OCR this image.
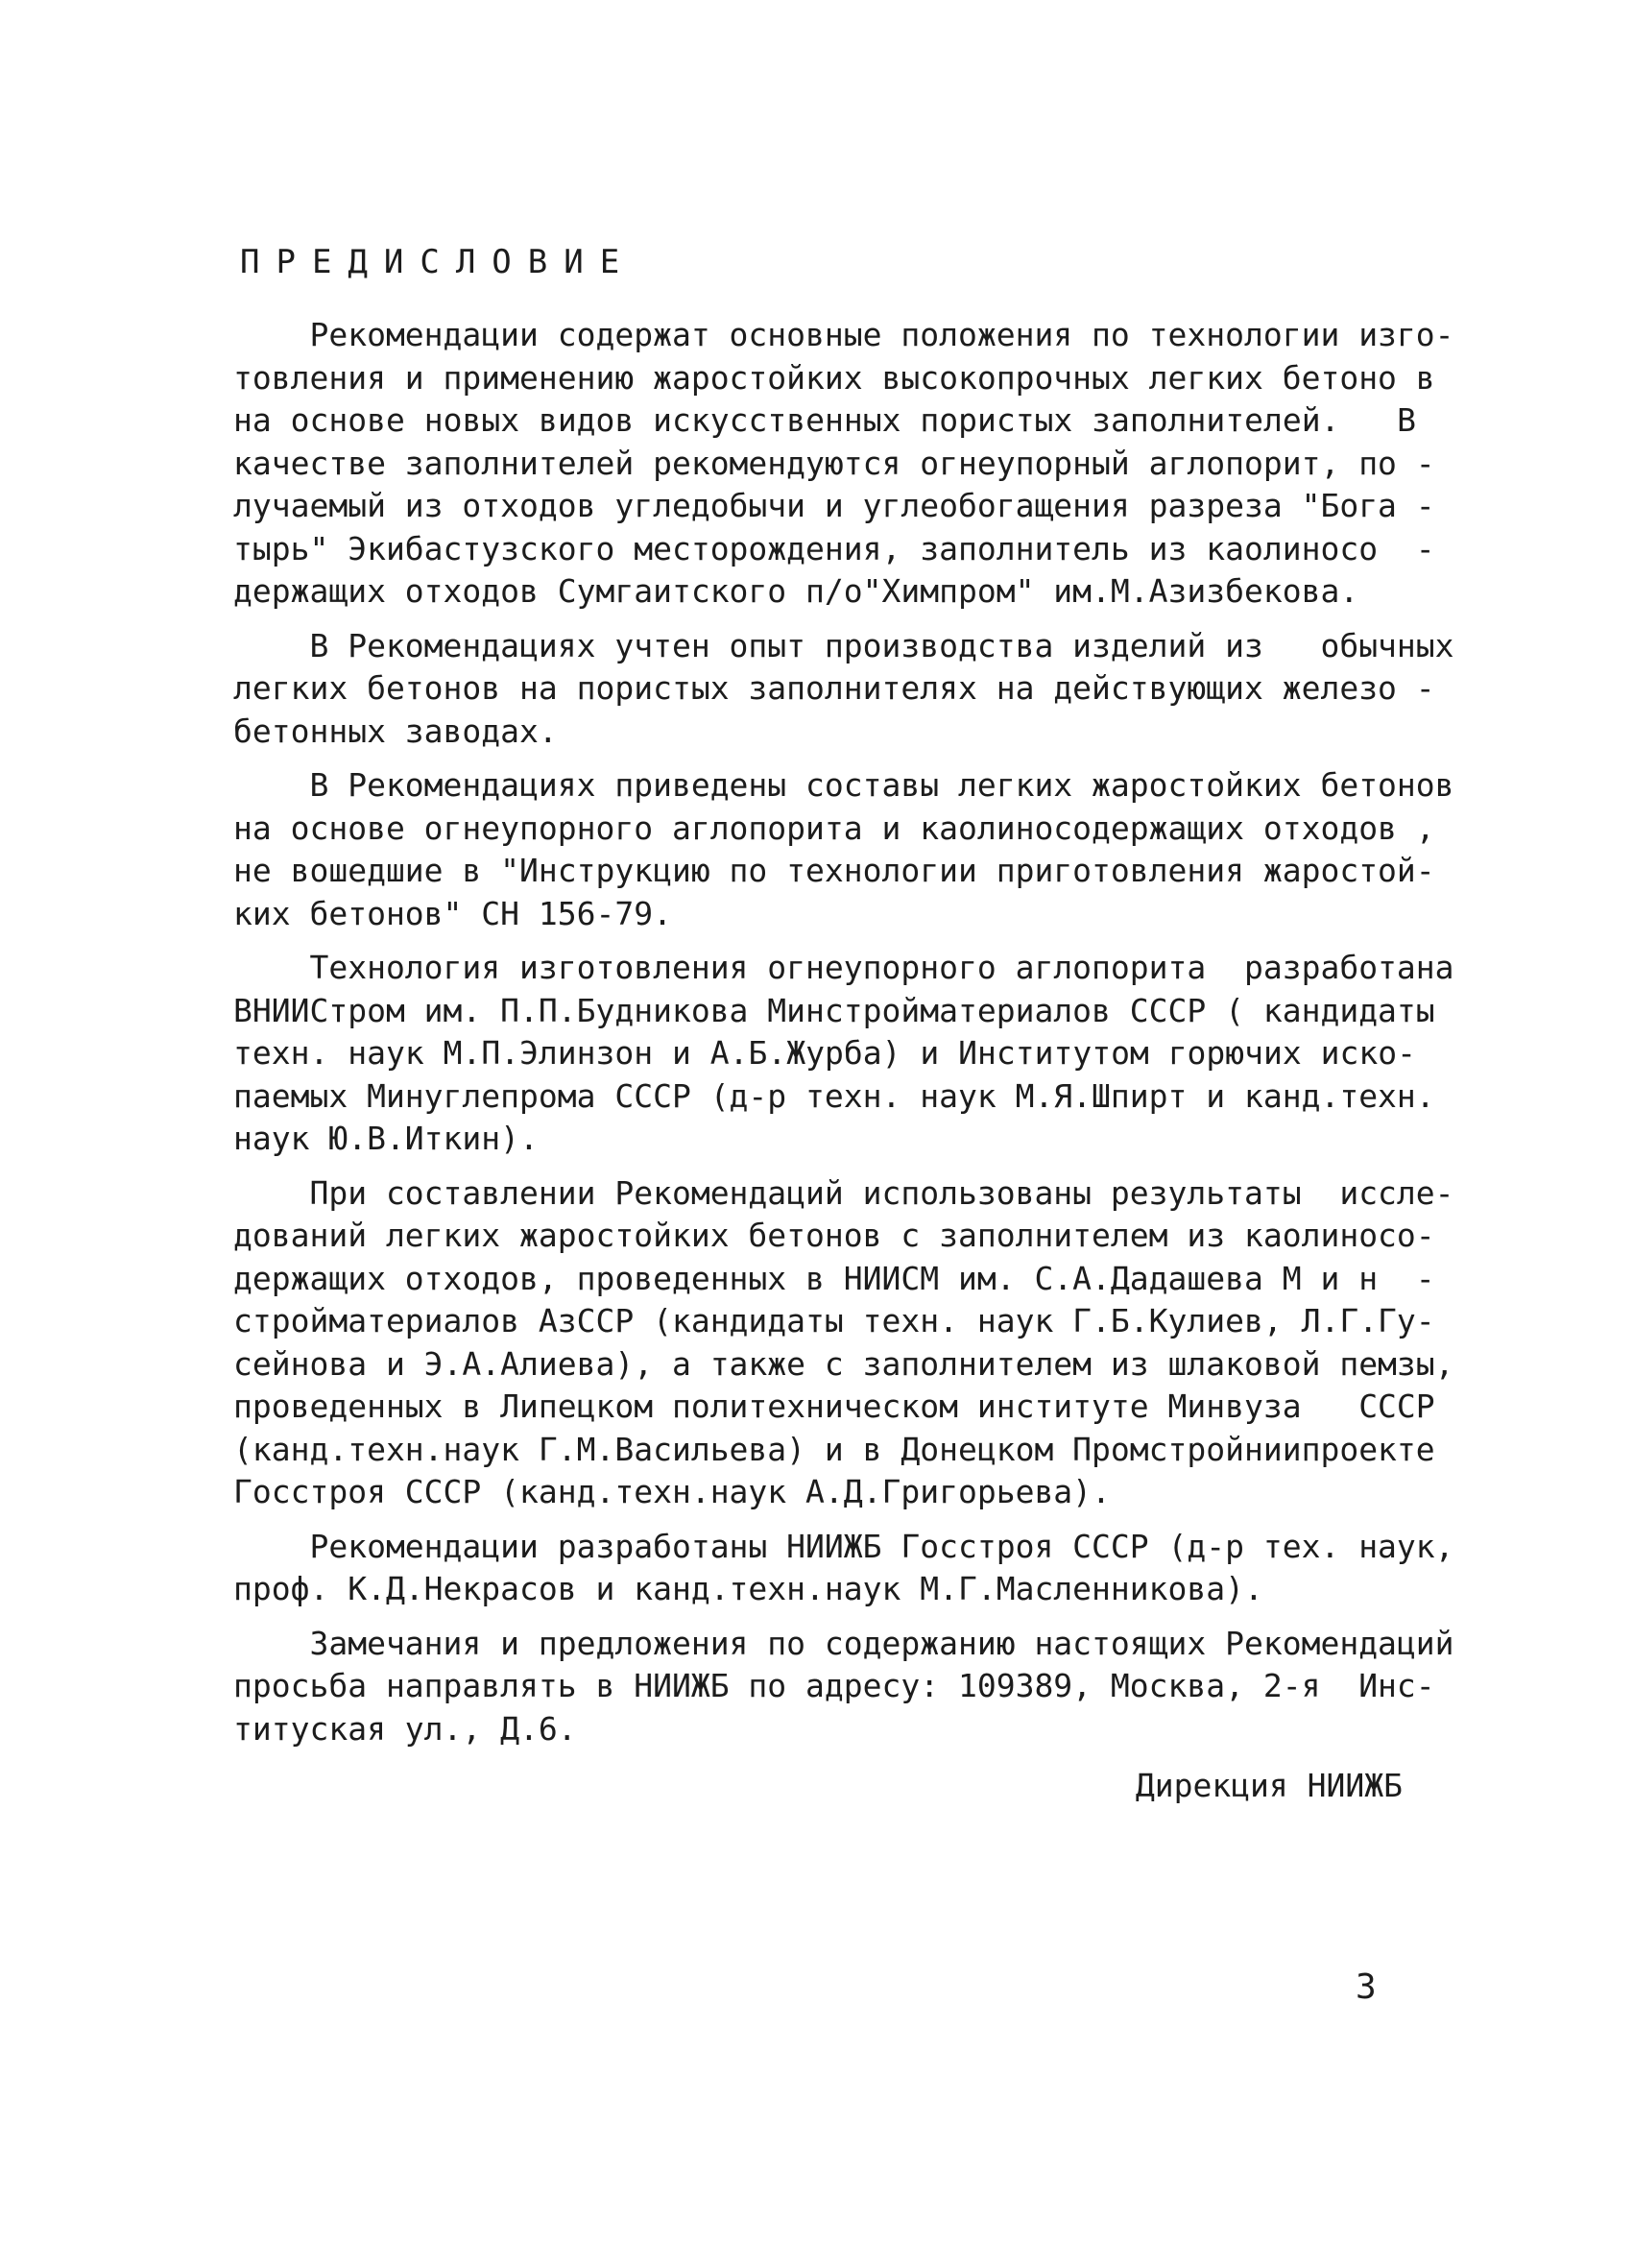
ПРЕДИСЛОВИЕ
Рекомендации содержат основные положения по технологии изго-
товления и применению жаростойких высокопрочных легких бетоно в
на основе новых видов искусственных пористых заполнителей.   В
качестве заполнителей рекомендуются огнеупорный аглопорит, по -
лучаемый из отходов угледобычи и углеобогащения разреза "Бога -
тырь" Экибастузского месторождения, заполнитель из каолиносо  -
держащих отходов Сумгаитского п/о"Химпром" им.М.Азизбекова.
В Рекомендациях учтен опыт производства изделий из   обычных
легких бетонов на пористых заполнителях на действующих железо -
бетонных заводах.
В Рекомендациях приведены составы легких жаростойких бетонов
на основе огнеупорного аглопорита и каолиносодержащих отходов ,
не вошедшие в "Инструкцию по технологии приготовления жаростой-
ких бетонов" СН 156-79.
Технология изготовления огнеупорного аглопорита  разработана
ВНИИСтром им. П.П.Будникова Минстройматериалов СССР ( кандидаты
техн. наук М.П.Элинзон и А.Б.Журба) и Институтом горючих иско-
паемых Минуглепрома СССР (д-р техн. наук М.Я.Шпирт и канд.техн.
наук Ю.В.Иткин).
При составлении Рекомендаций использованы результаты  иссле-
дований легких жаростойких бетонов с заполнителем из каолиносо-
держащих отходов, проведенных в НИИСМ им. С.А.Дадашева М и н  -
стройматериалов АзССР (кандидаты техн. наук Г.Б.Кулиев, Л.Г.Гу-
сейнова и Э.А.Алиева), а также с заполнителем из шлаковой пемзы,
проведенных в Липецком политехническом институте Минвуза   СССР
(канд.техн.наук Г.М.Васильева) и в Донецком Промстройниипроекте
Госстроя СССР (канд.техн.наук А.Д.Григорьева).
Рекомендации разработаны НИИЖБ Госстроя СССР (д-р тех. наук,
проф. К.Д.Некрасов и канд.техн.наук М.Г.Масленникова).
Замечания и предложения по содержанию настоящих Рекомендаций
просьба направлять в НИИЖБ по адресу: 109389, Москва, 2-я  Инс-
титуская ул., Д.6.
Дирекция НИИЖБ
3
